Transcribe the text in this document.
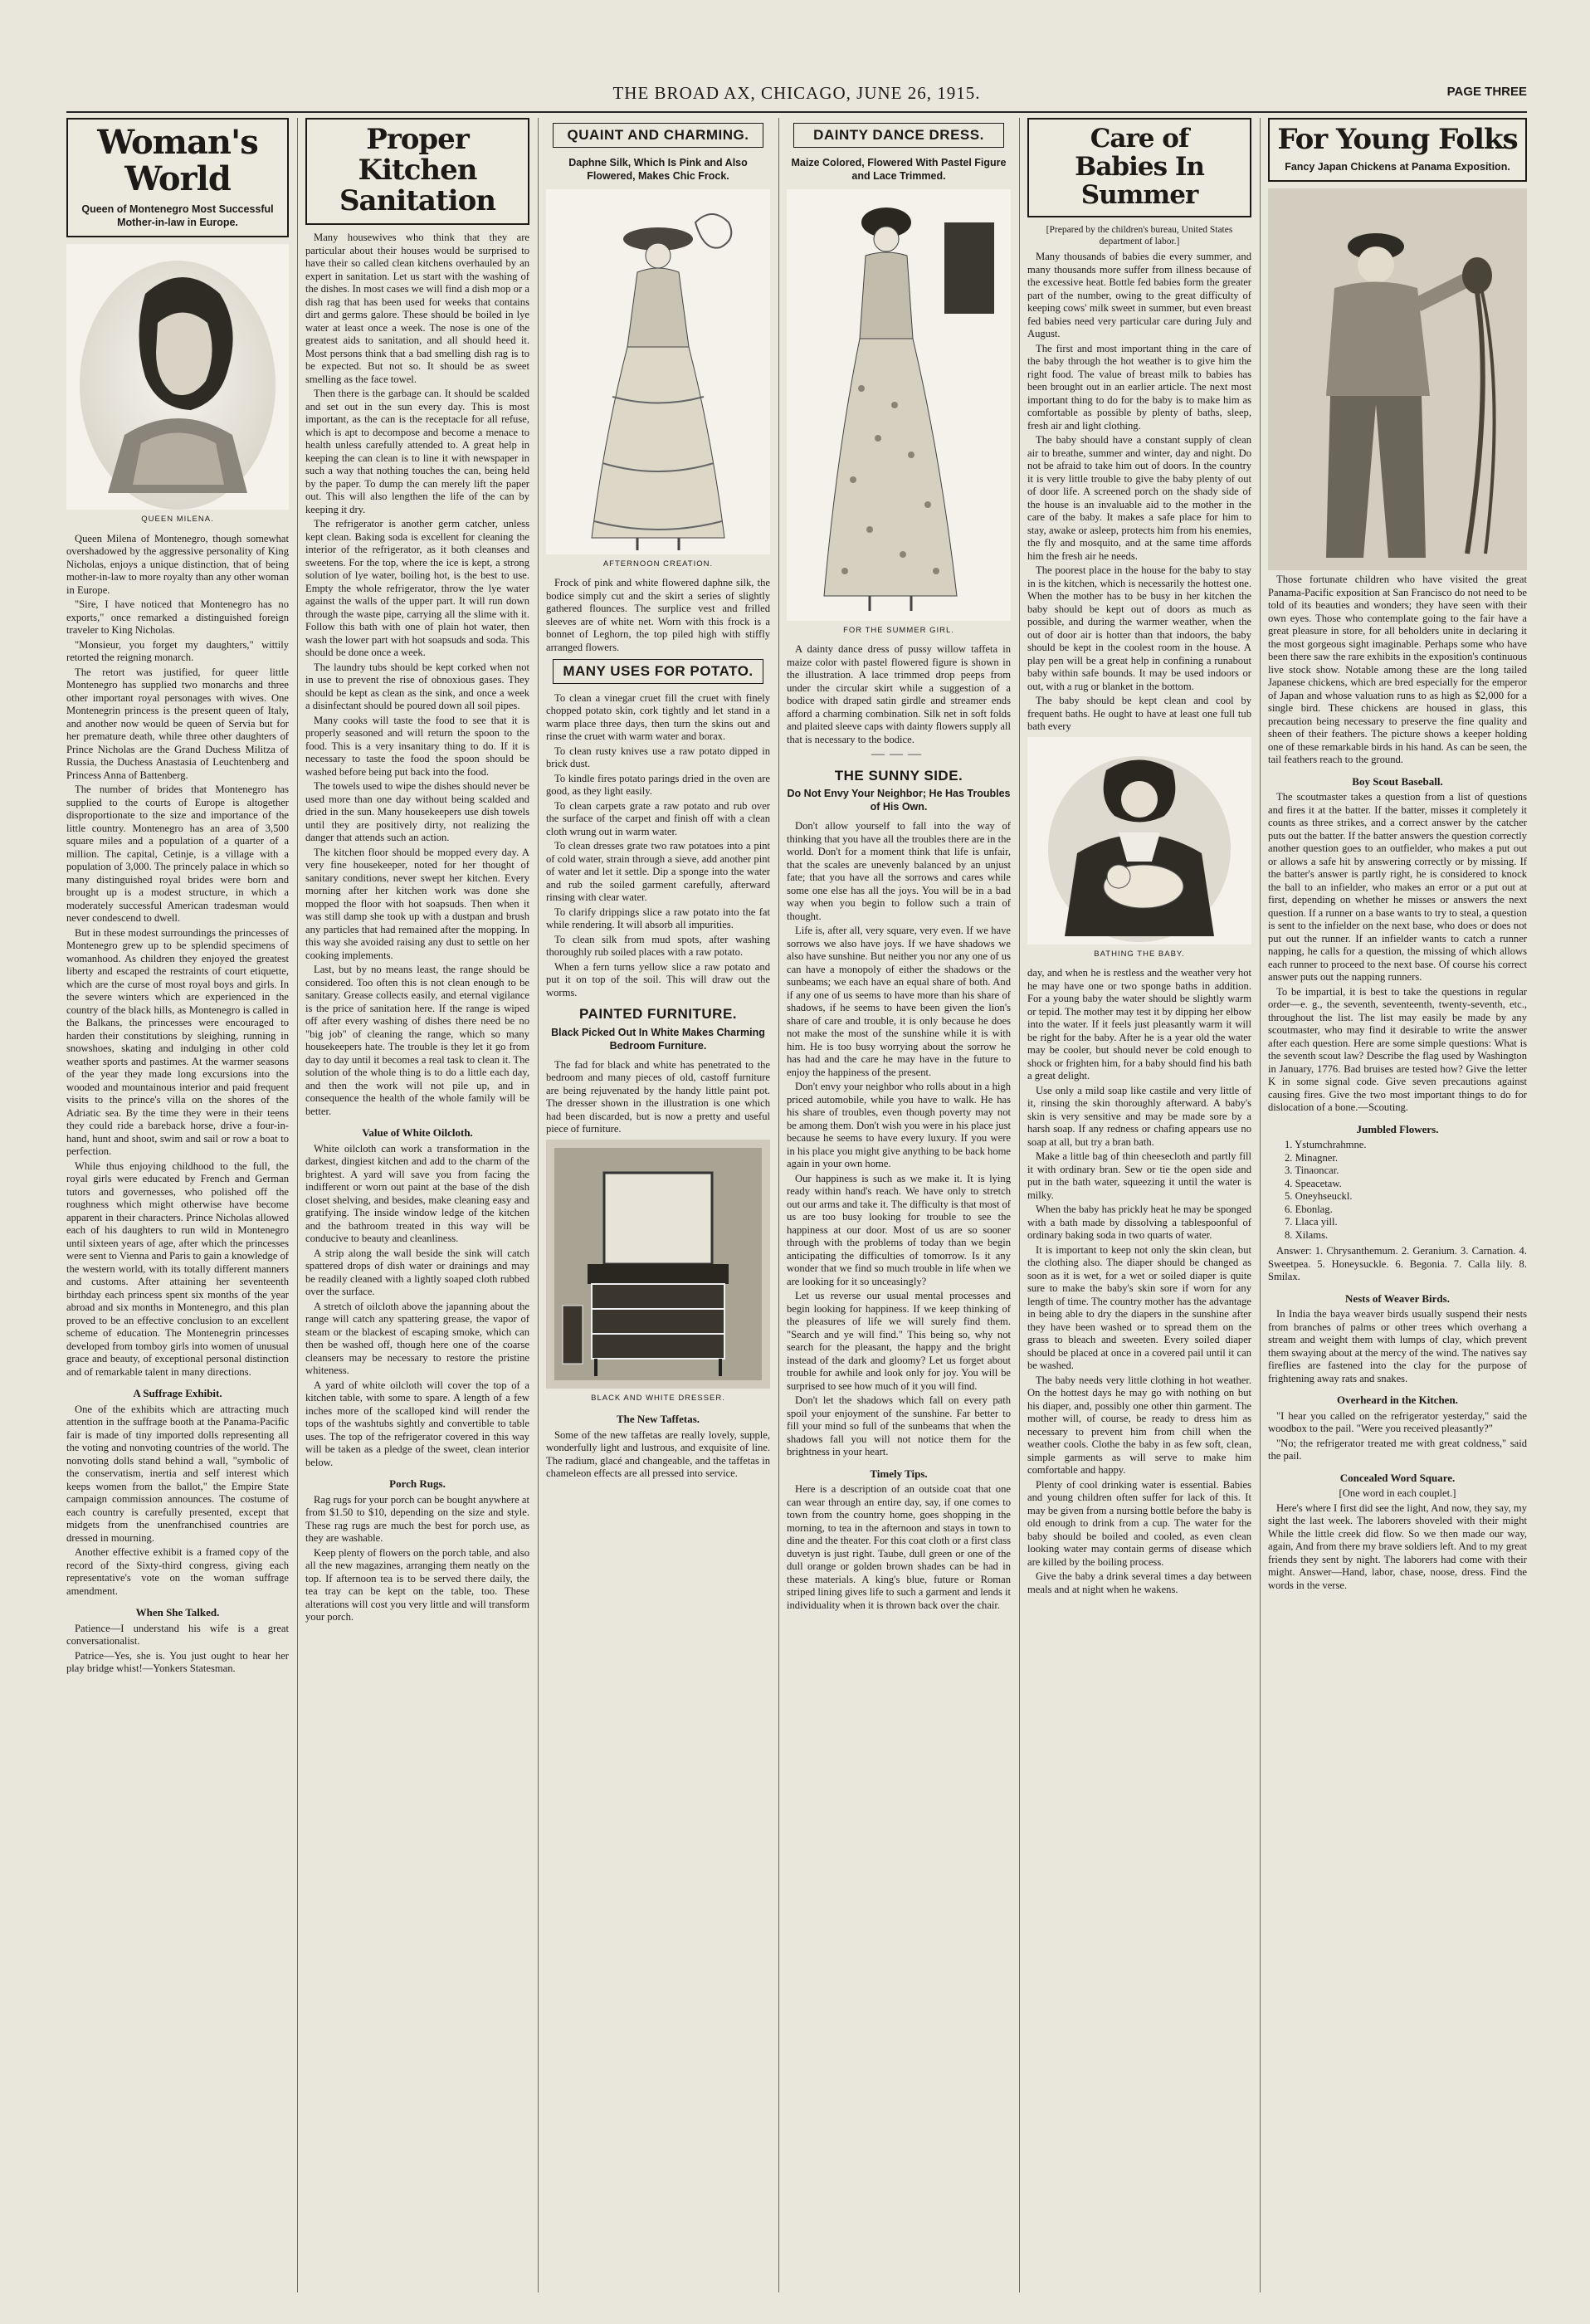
THE BROAD AX, CHICAGO, JUNE 26, 1915.	PAGE THREE
Woman's World
Queen of Montenegro Most Successful Mother-in-law in Europe.
QUEEN MILENA.

Queen Milena of Montenegro, though somewhat overshadowed by the aggressive personality of King Nicholas, enjoys a unique distinction, that of being mother-in-law to more royalty than any other woman in Europe.

"Sire, I have noticed that Montenegro has no exports," once remarked a distinguished foreign traveler to King Nicholas.

"Monsieur, you forget my daughters," wittily retorted the reigning monarch.

The retort was justified, for queer little Montenegro has supplied two monarchs and three other important royal personages with wives. One Montenegrin princess is the present queen of Italy, and another now would be queen of Servia but for her premature death, while three other daughters of Prince Nicholas are the Grand Duchess Militza of Russia, the Duchess Anastasia of Leuchtenberg and Princess Anna of Battenberg.

The number of brides that Montenegro has supplied to the courts of Europe is altogether disproportionate to the size and importance of the little country. Montenegro has an area of 3,500 square miles and a population of a quarter of a million. The capital, Cetinje, is a village with a population of 3,000. The princely palace in which so many distinguished royal brides were born and brought up is a modest structure, in which a moderately successful American tradesman would never condescend to dwell.

But in these modest surroundings the princesses of Montenegro grew up to be splendid specimens of womanhood. As children they enjoyed the greatest liberty and escaped the restraints of court etiquette, which are the curse of most royal boys and girls. In the severe winters which are experienced in the country of the black hills, as Montenegro is called in the Balkans, the princesses were encouraged to harden their constitutions by sleighing, running in snowshoes, skating and indulging in other cold weather sports and pastimes. At the warmer seasons of the year they made long excursions into the wooded and mountainous interior and paid frequent visits to the prince's villa on the shores of the Adriatic sea. By the time they were in their teens they could ride a bareback horse, drive a four-in-hand, hunt and shoot, swim and sail or row a boat to perfection.

While thus enjoying childhood to the full, the royal girls were educated by French and German tutors and governesses, who polished off the roughness which might otherwise have become apparent in their characters. Prince Nicholas allowed each of his daughters to run wild in Montenegro until sixteen years of age, after which the princesses were sent to Vienna and Paris to gain a knowledge of the western world, with its totally different manners and customs. After attaining her seventeenth birthday each princess spent six months of the year abroad and six months in Montenegro, and this plan proved to be an effective conclusion to an excellent scheme of education. The Montenegrin princesses developed from tomboy girls into women of unusual grace and beauty, of exceptional personal distinction and of remarkable talent in many directions.

A Suffrage Exhibit.

One of the exhibits which are attracting much attention in the suffrage booth at the Panama-Pacific fair is made of tiny imported dolls representing all the voting and nonvoting countries of the world. The nonvoting dolls stand behind a wall, "symbolic of the conservatism, inertia and self interest which keeps women from the ballot," the Empire State campaign commission announces. The costume of each country is carefully presented, except that midgets from the unenfranchised countries are dressed in mourning.

Another effective exhibit is a framed copy of the record of the Sixty-third congress, giving each representative's vote on the woman suffrage amendment.

When She Talked.

Patience—I understand his wife is a great conversationalist.

Patrice—Yes, she is. You just ought to hear her play bridge whist!—Yonkers Statesman.

Proper
Kitchen
Sanitation

Many housewives who think that they are particular about their houses would be surprised to have their so called clean kitchens overhauled by an expert in sanitation. Let us start with the washing of the dishes. In most cases we will find a dish mop or a dish rag that has been used for weeks that contains dirt and germs galore. These should be boiled in lye water at least once a week. The nose is one of the greatest aids to sanitation, and all should heed it. Most persons think that a bad smelling dish rag is to be expected. But not so. It should be as sweet smelling as the face towel.

Then there is the garbage can. It should be scalded and set out in the sun every day. This is most important, as the can is the receptacle for all refuse, which is apt to decompose and become a menace to health unless carefully attended to. A great help in keeping the can clean is to line it with newspaper in such a way that nothing touches the can, being held by the paper. To dump the can merely lift the paper out. This will also lengthen the life of the can by keeping it dry.

The refrigerator is another germ catcher, unless kept clean. Baking soda is excellent for cleaning the interior of the refrigerator, as it both cleanses and sweetens. For the top, where the ice is kept, a strong solution of lye water, boiling hot, is the best to use. Empty the whole refrigerator, throw the lye water against the walls of the upper part. It will run down through the waste pipe, carrying all the slime with it. Follow this bath with one of plain hot water, then wash the lower part with hot soapsuds and soda. This should be done once a week.

The laundry tubs should be kept corked when not in use to prevent the rise of obnoxious gases. They should be kept as clean as the sink, and once a week a disinfectant should be poured down all soil pipes.

Many cooks will taste the food to see that it is properly seasoned and will return the spoon to the food. This is a very insanitary thing to do. If it is necessary to taste the food the spoon should be washed before being put back into the food.

The towels used to wipe the dishes should never be used more than one day without being scalded and dried in the sun. Many housekeepers use dish towels until they are positively dirty, not realizing the danger that attends such an action.

The kitchen floor should be mopped every day. A very fine housekeeper, noted for her thought of sanitary conditions, never swept her kitchen. Every morning after her kitchen work was done she mopped the floor with hot soapsuds. Then when it was still damp she took up with a dustpan and brush any particles that had remained after the mopping. In this way she avoided raising any dust to settle on her cooking implements.

Last, but by no means least, the range should be considered. Too often this is not clean enough to be sanitary. Grease collects easily, and eternal vigilance is the price of sanitation here. If the range is wiped off after every washing of dishes there need be no "big job" of cleaning the range, which so many housekeepers hate. The trouble is they let it go from day to day until it becomes a real task to clean it. The solution of the whole thing is to do a little each day, and then the work will not pile up, and in consequence the health of the whole family will be better.

Value of White Oilcloth.

White oilcloth can work a transformation in the darkest, dingiest kitchen and add to the charm of the brightest. A yard will save you from facing the indifferent or worn out paint at the base of the dish closet shelving, and besides, make cleaning easy and gratifying. The inside window ledge of the kitchen and the bathroom treated in this way will be conducive to beauty and cleanliness.

A strip along the wall beside the sink will catch spattered drops of dish water or drainings and may be readily cleaned with a lightly soaped cloth rubbed over the surface.

A stretch of oilcloth above the japanning about the range will catch any spattering grease, the vapor of steam or the blackest of escaping smoke, which can then be washed off, though here one of the coarse cleansers may be necessary to restore the pristine whiteness.

A yard of white oilcloth will cover the top of a kitchen table, with some to spare. A length of a few inches more of the scalloped kind will render the tops of the washtubs sightly and convertible to table uses. The top of the refrigerator covered in this way will be taken as a pledge of the sweet, clean interior below.

Porch Rugs.

Rag rugs for your porch can be bought anywhere at from $1.50 to $10, depending on the size and style. These rag rugs are much the best for porch use, as they are washable.

Keep plenty of flowers on the porch table, and also all the new magazines, arranging them neatly on the top. If afternoon tea is to be served there daily, the tea tray can be kept on the table, too. These alterations will cost you very little and will transform your porch.

QUAINT AND CHARMING.
Daphne Silk, Which Is Pink and Also Flowered, Makes Chic Frock.
AFTERNOON CREATION.

Frock of pink and white flowered daphne silk, the bodice simply cut and the skirt a series of slightly gathered flounces. The surplice vest and frilled sleeves are of white net. Worn with this frock is a bonnet of Leghorn, the top piled high with stiffly arranged flowers.

MANY USES FOR POTATO.

To clean a vinegar cruet fill the cruet with finely chopped potato skin, cork tightly and let stand in a warm place three days, then turn the skins out and rinse the cruet with warm water and borax.

To clean rusty knives use a raw potato dipped in brick dust.

To kindle fires potato parings dried in the oven are good, as they light easily.

To clean carpets grate a raw potato and rub over the surface of the carpet and finish off with a clean cloth wrung out in warm water.

To clean dresses grate two raw potatoes into a pint of cold water, strain through a sieve, add another pint of water and let it settle. Dip a sponge into the water and rub the soiled garment carefully, afterward rinsing with clear water.

To clarify drippings slice a raw potato into the fat while rendering. It will absorb all impurities.

To clean silk from mud spots, after washing thoroughly rub soiled places with a raw potato.

When a fern turns yellow slice a raw potato and put it on top of the soil. This will draw out the worms.

PAINTED FURNITURE.
Black Picked Out In White Makes Charming Bedroom Furniture.

The fad for black and white has penetrated to the bedroom and many pieces of old, castoff furniture are being rejuvenated by the handy little paint pot. The dresser shown in the illustration is one which had been discarded, but is now a pretty and useful piece of furniture.

BLACK AND WHITE DRESSER.
The New Taffetas.

Some of the new taffetas are really lovely, supple, wonderfully light and lustrous, and exquisite of line. The radium, glacé and changeable, and the taffetas in chameleon effects are all pressed into service.

DAINTY DANCE DRESS.
Maize Colored, Flowered With Pastel Figure and Lace Trimmed.
FOR THE SUMMER GIRL.

A dainty dance dress of pussy willow taffeta in maize color with pastel flowered figure is shown in the illustration. A lace trimmed drop peeps from under the circular skirt while a suggestion of a bodice with draped satin girdle and streamer ends afford a charming combination. Silk net in soft folds and plaited sleeve caps with dainty flowers supply all that is necessary to the bodice.

———
THE SUNNY SIDE.
Do Not Envy Your Neighbor; He Has Troubles of His Own.

Don't allow yourself to fall into the way of thinking that you have all the troubles there are in the world. Don't for a moment think that life is unfair, that the scales are unevenly balanced by an unjust fate; that you have all the sorrows and cares while some one else has all the joys. You will be in a bad way when you begin to follow such a train of thought.

Life is, after all, very square, very even. If we have sorrows we also have joys. If we have shadows we also have sunshine. But neither you nor any one of us can have a monopoly of either the shadows or the sunbeams; we each have an equal share of both. And if any one of us seems to have more than his share of shadows, if he seems to have been given the lion's share of care and trouble, it is only because he does not make the most of the sunshine while it is with him. He is too busy worrying about the sorrow he has had and the care he may have in the future to enjoy the happiness of the present.

Don't envy your neighbor who rolls about in a high priced automobile, while you have to walk. He has his share of troubles, even though poverty may not be among them. Don't wish you were in his place just because he seems to have every luxury. If you were in his place you might give anything to be back home again in your own home.

Our happiness is such as we make it. It is lying ready within hand's reach. We have only to stretch out our arms and take it. The difficulty is that most of us are too busy looking for trouble to see the happiness at our door. Most of us are so sooner through with the problems of today than we begin anticipating the difficulties of tomorrow. Is it any wonder that we find so much trouble in life when we are looking for it so unceasingly?

Let us reverse our usual mental processes and begin looking for happiness. If we keep thinking of the pleasures of life we will surely find them. "Search and ye will find." This being so, why not search for the pleasant, the happy and the bright instead of the dark and gloomy? Let us forget about trouble for awhile and look only for joy. You will be surprised to see how much of it you will find.

Don't let the shadows which fall on every path spoil your enjoyment of the sunshine. Far better to fill your mind so full of the sunbeams that when the shadows fall you will not notice them for the brightness in your heart.

Timely Tips.

Here is a description of an outside coat that one can wear through an entire day, say, if one comes to town from the country home, goes shopping in the morning, to tea in the afternoon and stays in town to dine and the theater. For this coat cloth or a first class duvetyn is just right. Taube, dull green or one of the dull orange or golden brown shades can be had in these materials. A king's blue, future or Roman striped lining gives life to such a garment and lends it individuality when it is thrown back over the chair.

Care of
Babies In
Summer
[Prepared by the children's bureau, United States department of labor.]

Many thousands of babies die every summer, and many thousands more suffer from illness because of the excessive heat. Bottle fed babies form the greater part of the number, owing to the great difficulty of keeping cows' milk sweet in summer, but even breast fed babies need very particular care during July and August.

The first and most important thing in the care of the baby through the hot weather is to give him the right food. The value of breast milk to babies has been brought out in an earlier article. The next most important thing to do for the baby is to make him as comfortable as possible by plenty of baths, sleep, fresh air and light clothing.

The baby should have a constant supply of clean air to breathe, summer and winter, day and night. Do not be afraid to take him out of doors. In the country it is very little trouble to give the baby plenty of out of door life. A screened porch on the shady side of the house is an invaluable aid to the mother in the care of the baby. It makes a safe place for him to stay, awake or asleep, protects him from his enemies, the fly and mosquito, and at the same time affords him the fresh air he needs.

The poorest place in the house for the baby to stay in is the kitchen, which is necessarily the hottest one. When the mother has to be busy in her kitchen the baby should be kept out of doors as much as possible, and during the warmer weather, when the out of door air is hotter than that indoors, the baby should be kept in the coolest room in the house. A play pen will be a great help in confining a runabout baby within safe bounds. It may be used indoors or out, with a rug or blanket in the bottom.

The baby should be kept clean and cool by frequent baths. He ought to have at least one full tub bath every

BATHING THE BABY.

day, and when he is restless and the weather very hot he may have one or two sponge baths in addition. For a young baby the water should be slightly warm or tepid. The mother may test it by dipping her elbow into the water. If it feels just pleasantly warm it will be right for the baby. After he is a year old the water may be cooler, but should never be cold enough to shock or frighten him, for a baby should find his bath a great delight.

Use only a mild soap like castile and very little of it, rinsing the skin thoroughly afterward. A baby's skin is very sensitive and may be made sore by a harsh soap. If any redness or chafing appears use no soap at all, but try a bran bath.

Make a little bag of thin cheesecloth and partly fill it with ordinary bran. Sew or tie the open side and put in the bath water, squeezing it until the water is milky.

When the baby has prickly heat he may be sponged with a bath made by dissolving a tablespoonful of ordinary baking soda in two quarts of water.

It is important to keep not only the skin clean, but the clothing also. The diaper should be changed as soon as it is wet, for a wet or soiled diaper is quite sure to make the baby's skin sore if worn for any length of time. The country mother has the advantage in being able to dry the diapers in the sunshine after they have been washed or to spread them on the grass to bleach and sweeten. Every soiled diaper should be placed at once in a covered pail until it can be washed.

The baby needs very little clothing in hot weather. On the hottest days he may go with nothing on but his diaper, and, possibly one other thin garment. The mother will, of course, be ready to dress him as necessary to prevent him from chill when the weather cools. Clothe the baby in as few soft, clean, simple garments as will serve to make him comfortable and happy.

Plenty of cool drinking water is essential. Babies and young children often suffer for lack of this. It may be given from a nursing bottle before the baby is old enough to drink from a cup. The water for the baby should be boiled and cooled, as even clean looking water may contain germs of disease which are killed by the boiling process.

Give the baby a drink several times a day between meals and at night when he wakens.

For Young Folks
Fancy Japan Chickens at Panama Exposition.

Those fortunate children who have visited the great Panama-Pacific exposition at San Francisco do not need to be told of its beauties and wonders; they have seen with their own eyes. Those who contemplate going to the fair have a great pleasure in store, for all beholders unite in declaring it the most gorgeous sight imaginable. Perhaps some who have been there saw the rare exhibits in the exposition's continuous live stock show. Notable among these are the long tailed Japanese chickens, which are bred especially for the emperor of Japan and whose valuation runs to as high as $2,000 for a single bird. These chickens are housed in glass, this precaution being necessary to preserve the fine quality and sheen of their feathers. The picture shows a keeper holding one of these remarkable birds in his hand. As can be seen, the tail feathers reach to the ground.

Boy Scout Baseball.

The scoutmaster takes a question from a list of questions and fires it at the batter. If the batter, misses it completely it counts as three strikes, and a correct answer by the catcher puts out the batter. If the batter answers the question correctly another question goes to an outfielder, who makes a put out or allows a safe hit by answering correctly or by missing. If the batter's answer is partly right, he is considered to knock the ball to an infielder, who makes an error or a put out at first, depending on whether he misses or answers the next question. If a runner on a base wants to try to steal, a question is sent to the infielder on the next base, who does or does not put out the runner. If an infielder wants to catch a runner napping, he calls for a question, the missing of which allows each runner to proceed to the next base. Of course his correct answer puts out the napping runners.

To be impartial, it is best to take the questions in regular order—e. g., the seventh, seventeenth, twenty-seventh, etc., throughout the list. The list may easily be made by any scoutmaster, who may find it desirable to write the answer after each question. Here are some simple questions: What is the seventh scout law? Describe the flag used by Washington in January, 1776. Bad bruises are tested how? Give the letter K in some signal code. Give seven precautions against causing fires. Give the two most important things to do for dislocation of a bone.—Scouting.

Jumbled Flowers.
1. Ystumchrahmne.
2. Minagner.
3. Tinaoncar.
4. Speacetaw.
5. Oneyhseuckl.
6. Ebonlag.
7. Llaca yill.
8. Xilams.

Answer: 1. Chrysanthemum. 2. Geranium. 3. Carnation. 4. Sweetpea. 5. Honeysuckle. 6. Begonia. 7. Calla lily. 8. Smilax.

Nests of Weaver Birds.

In India the baya weaver birds usually suspend their nests from branches of palms or other trees which overhang a stream and weight them with lumps of clay, which prevent them swaying about at the mercy of the wind. The natives say fireflies are fastened into the clay for the purpose of frightening away rats and snakes.

Overheard in the Kitchen.

"I hear you called on the refrigerator yesterday," said the woodbox to the pail. "Were you received pleasantly?"

"No; the refrigerator treated me with great coldness," said the pail.

Concealed Word Square.

[One word in each couplet.]

Here's where I first did see the light, And now, they say, my sight the last week. The laborers shoveled with their might While the little creek did flow. So we then made our way, again, And from there my brave soldiers left. And to my great friends they sent by night. The laborers had come with their might. Answer—Hand, labor, chase, noose, dress. Find the words in the verse.
